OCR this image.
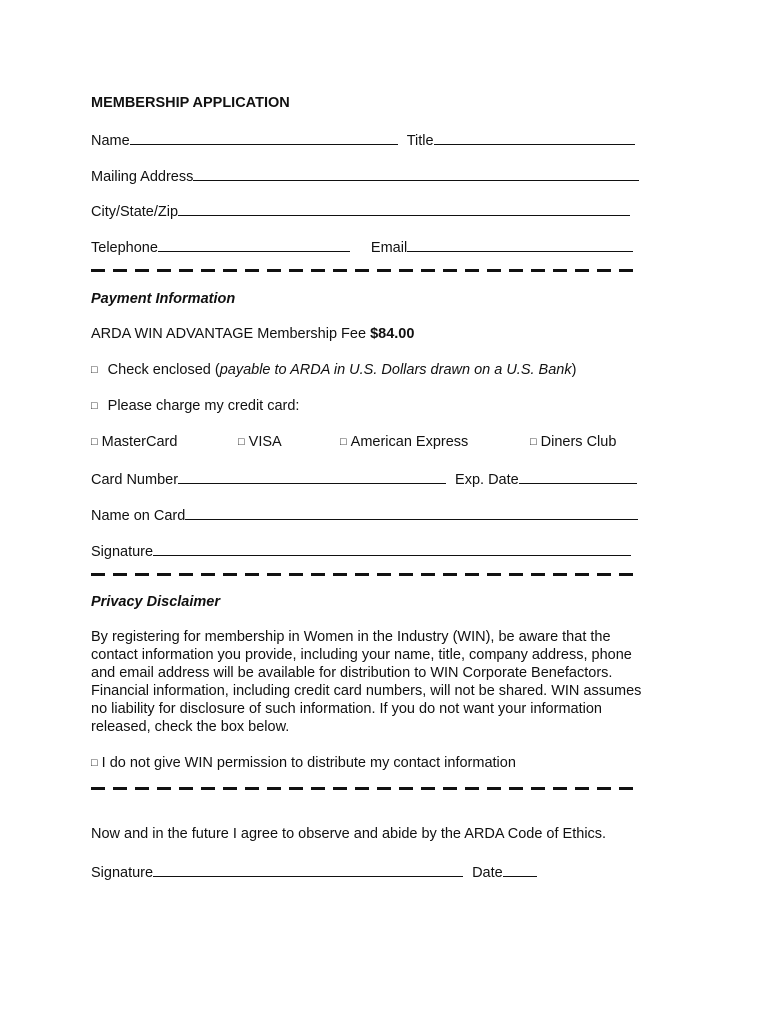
MEMBERSHIP APPLICATION
Name	Title
Mailing Address
City/State/Zip
Telephone	Email
Payment Information
ARDA WIN ADVANTAGE Membership Fee $84.00
□ Check enclosed (payable to ARDA in U.S. Dollars drawn on a U.S. Bank)
□ Please charge my credit card:
□ MasterCard	□ VISA	□ American Express	□ Diners Club
Card Number	Exp. Date
Name on Card
Signature
Privacy Disclaimer
By registering for membership in Women in the Industry (WIN), be aware that the
contact information you provide, including your name, title, company address, phone
and email address will be available for distribution to WIN Corporate Benefactors.
Financial information, including credit card numbers, will not be shared. WIN assumes
no liability for disclosure of such information. If you do not want your information
released, check the box below.
□ I do not give WIN permission to distribute my contact information
Now and in the future I agree to observe and abide by the ARDA Code of Ethics.
Signature	Date
